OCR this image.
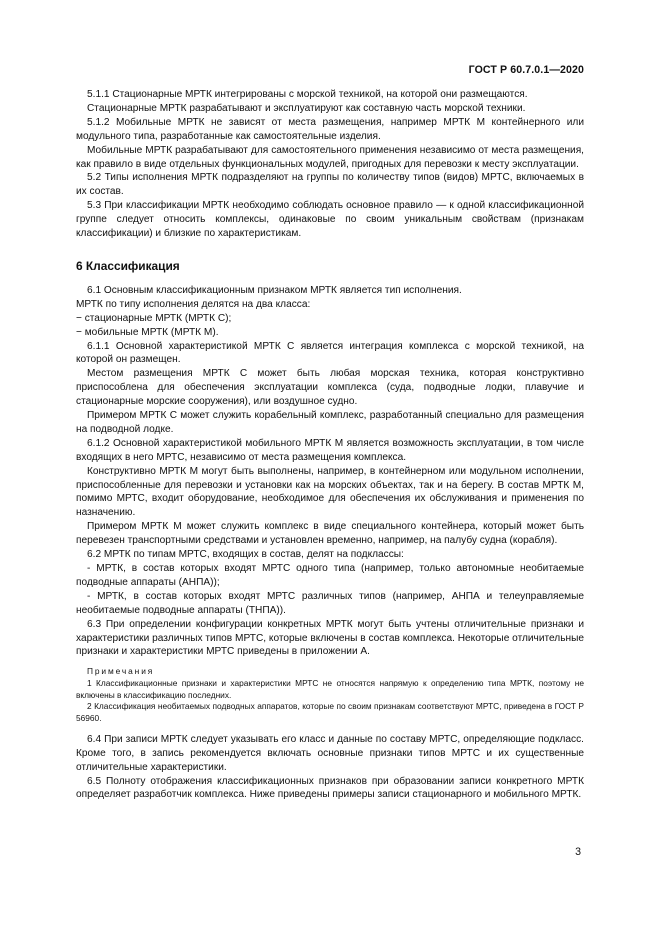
ГОСТ Р 60.7.0.1—2020

5.1.1 Стационарные МРТК интегрированы с морской техникой, на которой они размещаются.

Стационарные МРТК разрабатывают и эксплуатируют как составную часть морской техники.

5.1.2 Мобильные МРТК не зависят от места размещения, например МРТК М контейнерного или модульного типа, разработанные как самостоятельные изделия.

Мобильные МРТК разрабатывают для самостоятельного применения независимо от места размещения, как правило в виде отдельных функциональных модулей, пригодных для перевозки к месту эксплуатации.

5.2 Типы исполнения МРТК подразделяют на группы по количеству типов (видов) МРТС, включаемых в их состав.

5.3 При классификации МРТК необходимо соблюдать основное правило — к одной классификационной группе следует относить комплексы, одинаковые по своим уникальным свойствам (признакам классификации) и близкие по характеристикам.

6 Классификация

6.1 Основным классификационным признаком МРТК является тип исполнения.

МРТК по типу исполнения делятся на два класса:

− стационарные МРТК (МРТК С);

− мобильные МРТК (МРТК М).

6.1.1 Основной характеристикой МРТК С является интеграция комплекса с морской техникой, на которой он размещен.

Местом размещения МРТК С может быть любая морская техника, которая конструктивно приспособлена для обеспечения эксплуатации комплекса (суда, подводные лодки, плавучие и стационарные морские сооружения), или воздушное судно.

Примером МРТК С может служить корабельный комплекс, разработанный специально для размещения на подводной лодке.

6.1.2 Основной характеристикой мобильного МРТК М является возможность эксплуатации, в том числе входящих в него МРТС, независимо от места размещения комплекса.

Конструктивно МРТК М могут быть выполнены, например, в контейнерном или модульном исполнении, приспособленные для перевозки и установки как на морских объектах, так и на берегу. В состав МРТК М, помимо МРТС, входит оборудование, необходимое для обеспечения их обслуживания и применения по назначению.

Примером МРТК М может служить комплекс в виде специального контейнера, который может быть перевезен транспортными средствами и установлен временно, например, на палубу судна (корабля).

6.2 МРТК по типам МРТС, входящих в состав, делят на подклассы:

- МРТК, в состав которых входят МРТС одного типа (например, только автономные необитаемые подводные аппараты (АНПА));

- МРТК, в состав которых входят МРТС различных типов (например, АНПА и телеуправляемые необитаемые подводные аппараты (ТНПА)).

6.3 При определении конфигурации конкретных МРТК могут быть учтены отличительные признаки и характеристики различных типов МРТС, которые включены в состав комплекса. Некоторые отличительные признаки и характеристики МРТС приведены в приложении А.

Примечания

1 Классификационные признаки и характеристики МРТС не относятся напрямую к определению типа МРТК, поэтому не включены в классификацию последних.

2 Классификация необитаемых подводных аппаратов, которые по своим признакам соответствуют МРТС, приведена в ГОСТ Р 56960.

6.4 При записи МРТК следует указывать его класс и данные по составу МРТС, определяющие подкласс. Кроме того, в запись рекомендуется включать основные признаки типов МРТС и их существенные отличительные характеристики.

6.5 Полноту отображения классификационных признаков при образовании записи конкретного МРТК определяет разработчик комплекса. Ниже приведены примеры записи стационарного и мобильного МРТК.

3
